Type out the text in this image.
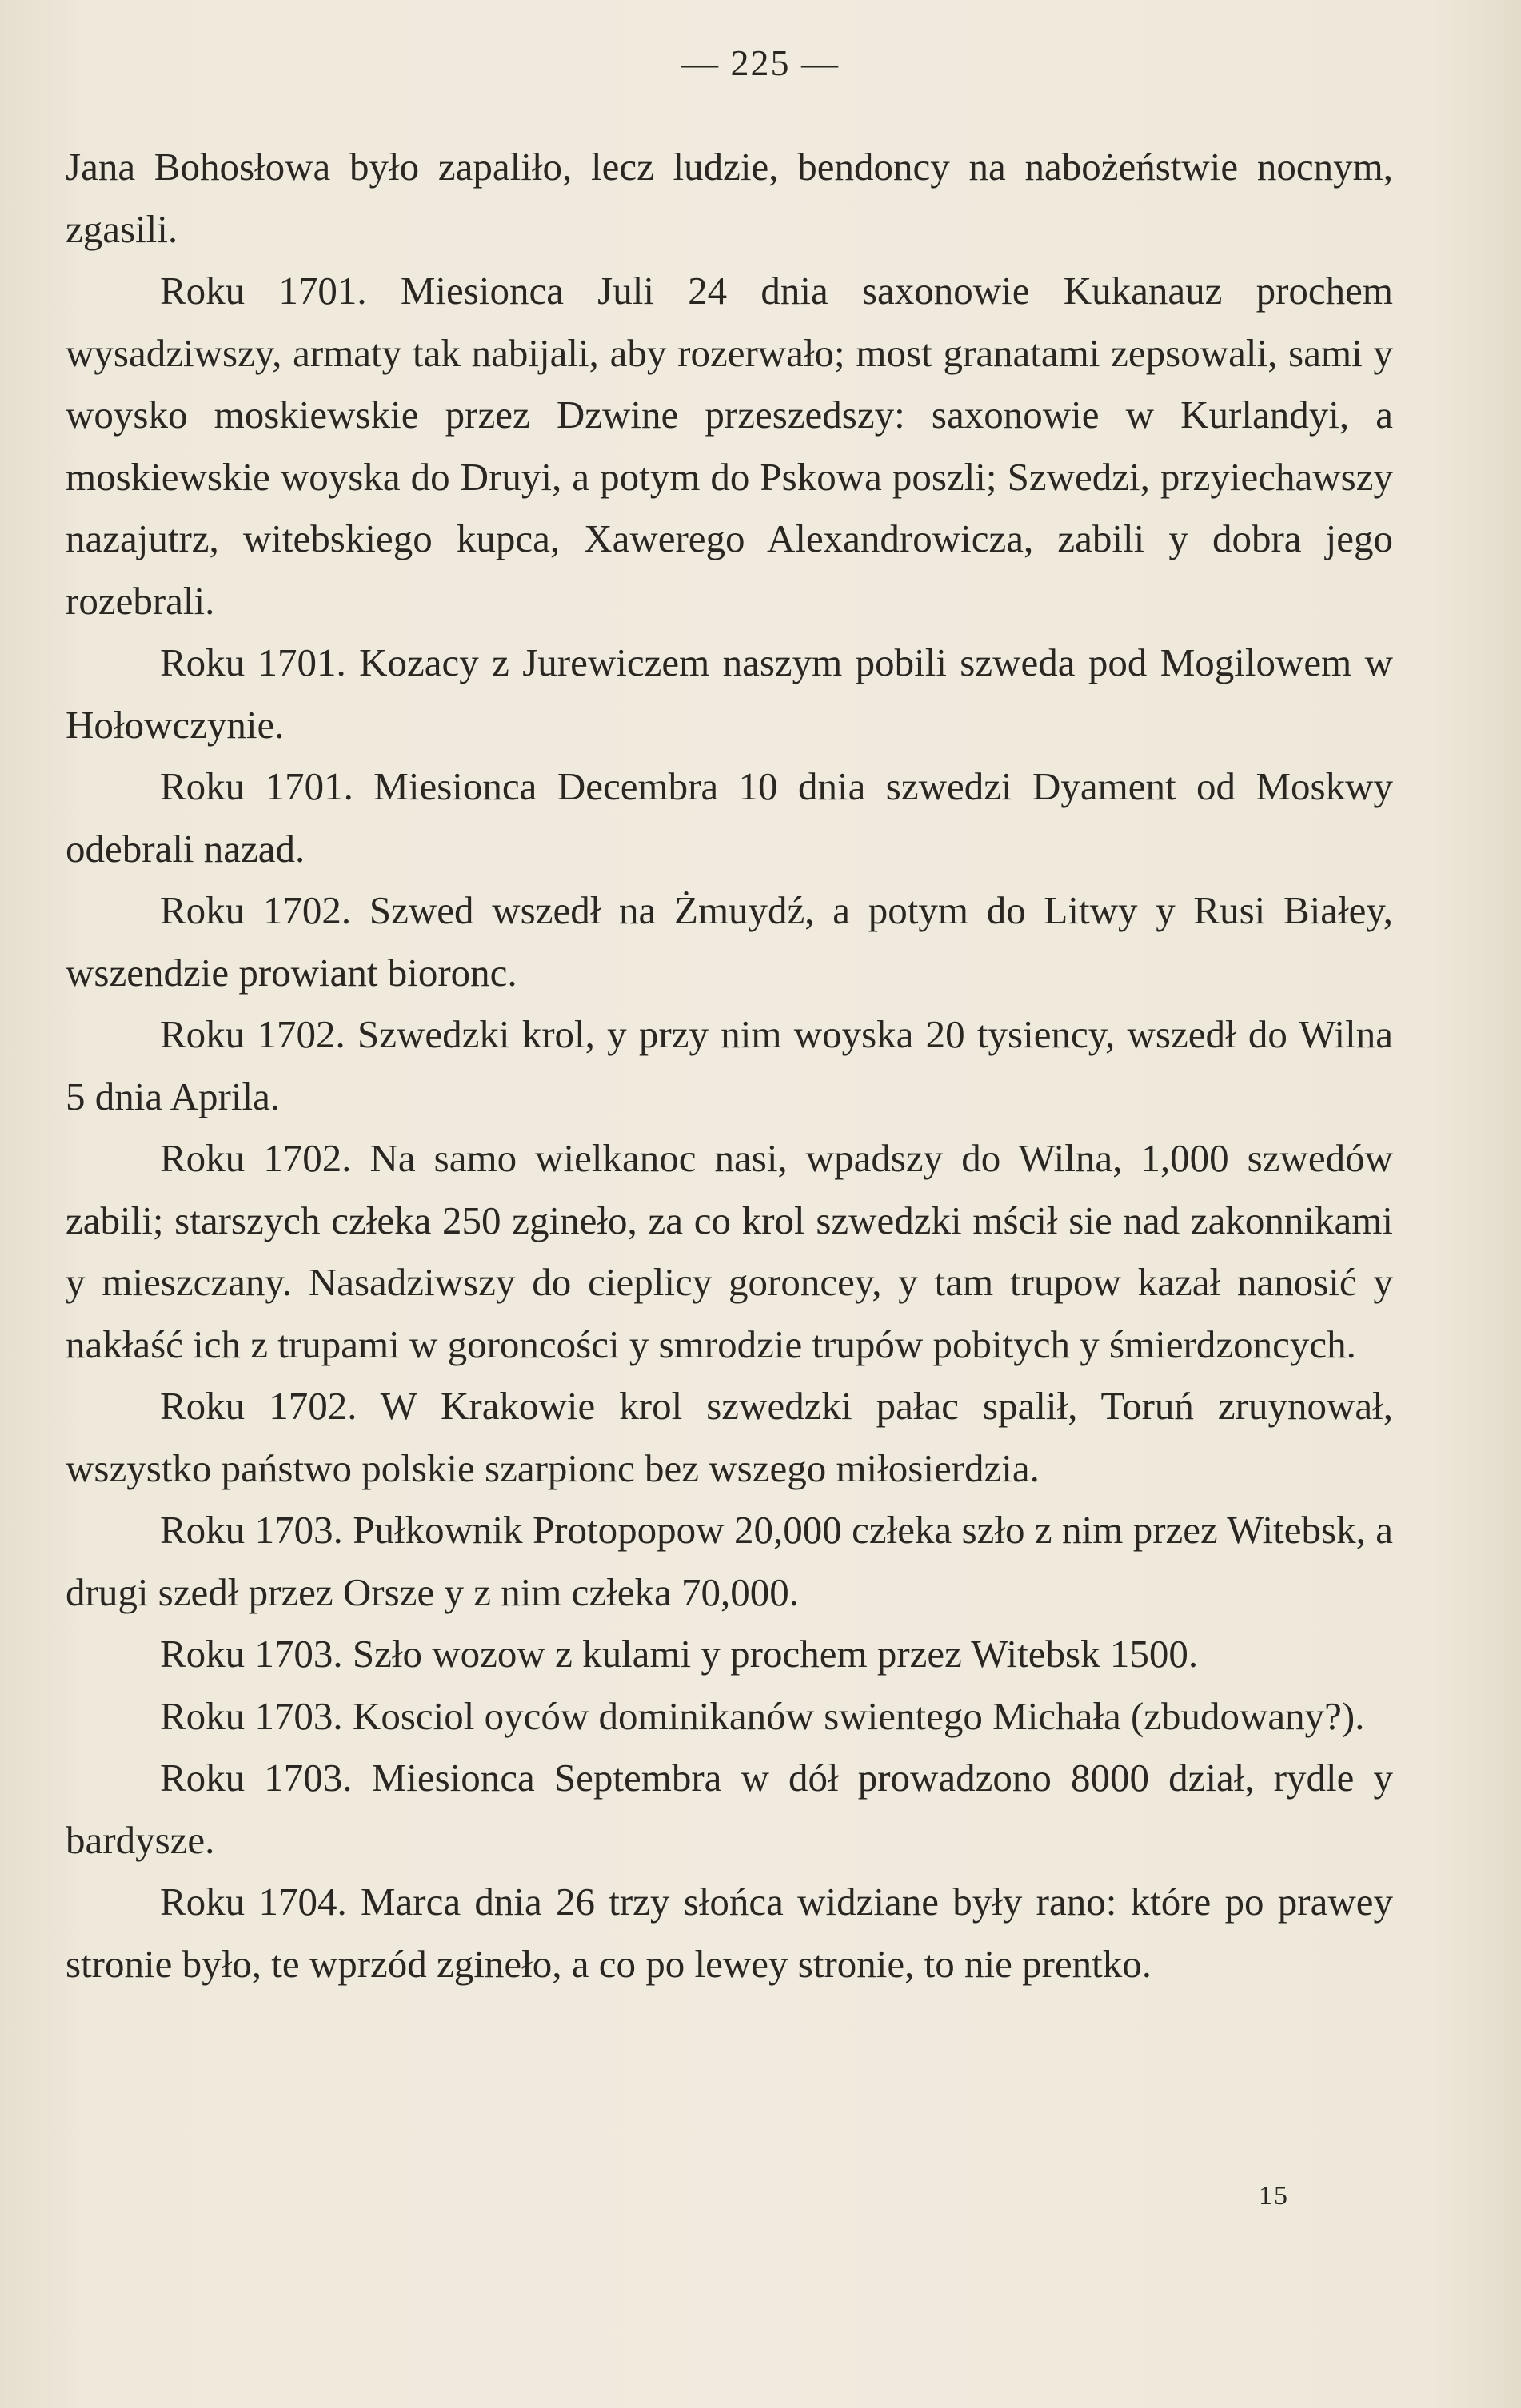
— 225 —

Jana Bohosłowa było zapaliło, lecz ludzie, bendoncy na nabożeństwie nocnym, zgasili.

Roku 1701. Miesionca Juli 24 dnia saxonowie Kukanauz prochem wysadziwszy, armaty tak nabijali, aby rozerwało; most granatami zepsowali, sami y woysko moskiewskie przez Dzwine przeszedszy: saxonowie w Kurlandyi, a moskiewskie woyska do Druyi, a potym do Pskowa poszli; Szwedzi, przyiechawszy nazajutrz, witebskiego kupca, Xawerego Alexandrowicza, zabili y dobra jego rozebrali.

Roku 1701. Kozacy z Jurewiczem naszym pobili szweda pod Mogilowem w Hołowczynie.

Roku 1701. Miesionca Decembra 10 dnia szwedzi Dyament od Moskwy odebrali nazad.

Roku 1702. Szwed wszedł na Żmuydź, a potym do Litwy y Rusi Białey, wszendzie prowiant bioronc.

Roku 1702. Szwedzki krol, y przy nim woyska 20 tysiency, wszedł do Wilna 5 dnia Aprila.

Roku 1702. Na samo wielkanoc nasi, wpadszy do Wilna, 1,000 szwedów zabili; starszych człeka 250 zgineło, za co krol szwedzki mścił sie nad zakonnikami y mieszczany. Nasadziwszy do cieplicy goroncey, y tam trupow kazał nanosić y nakłaść ich z trupami w goroncości y smrodzie trupów pobitych y śmierdzoncych.

Roku 1702. W Krakowie krol szwedzki pałac spalił, Toruń zruynował, wszystko państwo polskie szarpionc bez wszego miłosierdzia.

Roku 1703. Pułkownik Protopopow 20,000 człeka szło z nim przez Witebsk, a drugi szedł przez Orsze y z nim człeka 70,000.

Roku 1703. Szło wozow z kulami y prochem przez Witebsk 1500.

Roku 1703. Kosciol oyców dominikanów swientego Michała (zbudowany?).

Roku 1703. Miesionca Septembra w dół prowadzono 8000 dział, rydle y bardysze.

Roku 1704. Marca dnia 26 trzy słońca widziane były rano: które po prawey stronie było, te wprzód zgineło, a co po lewey stronie, to nie prentko.

15
